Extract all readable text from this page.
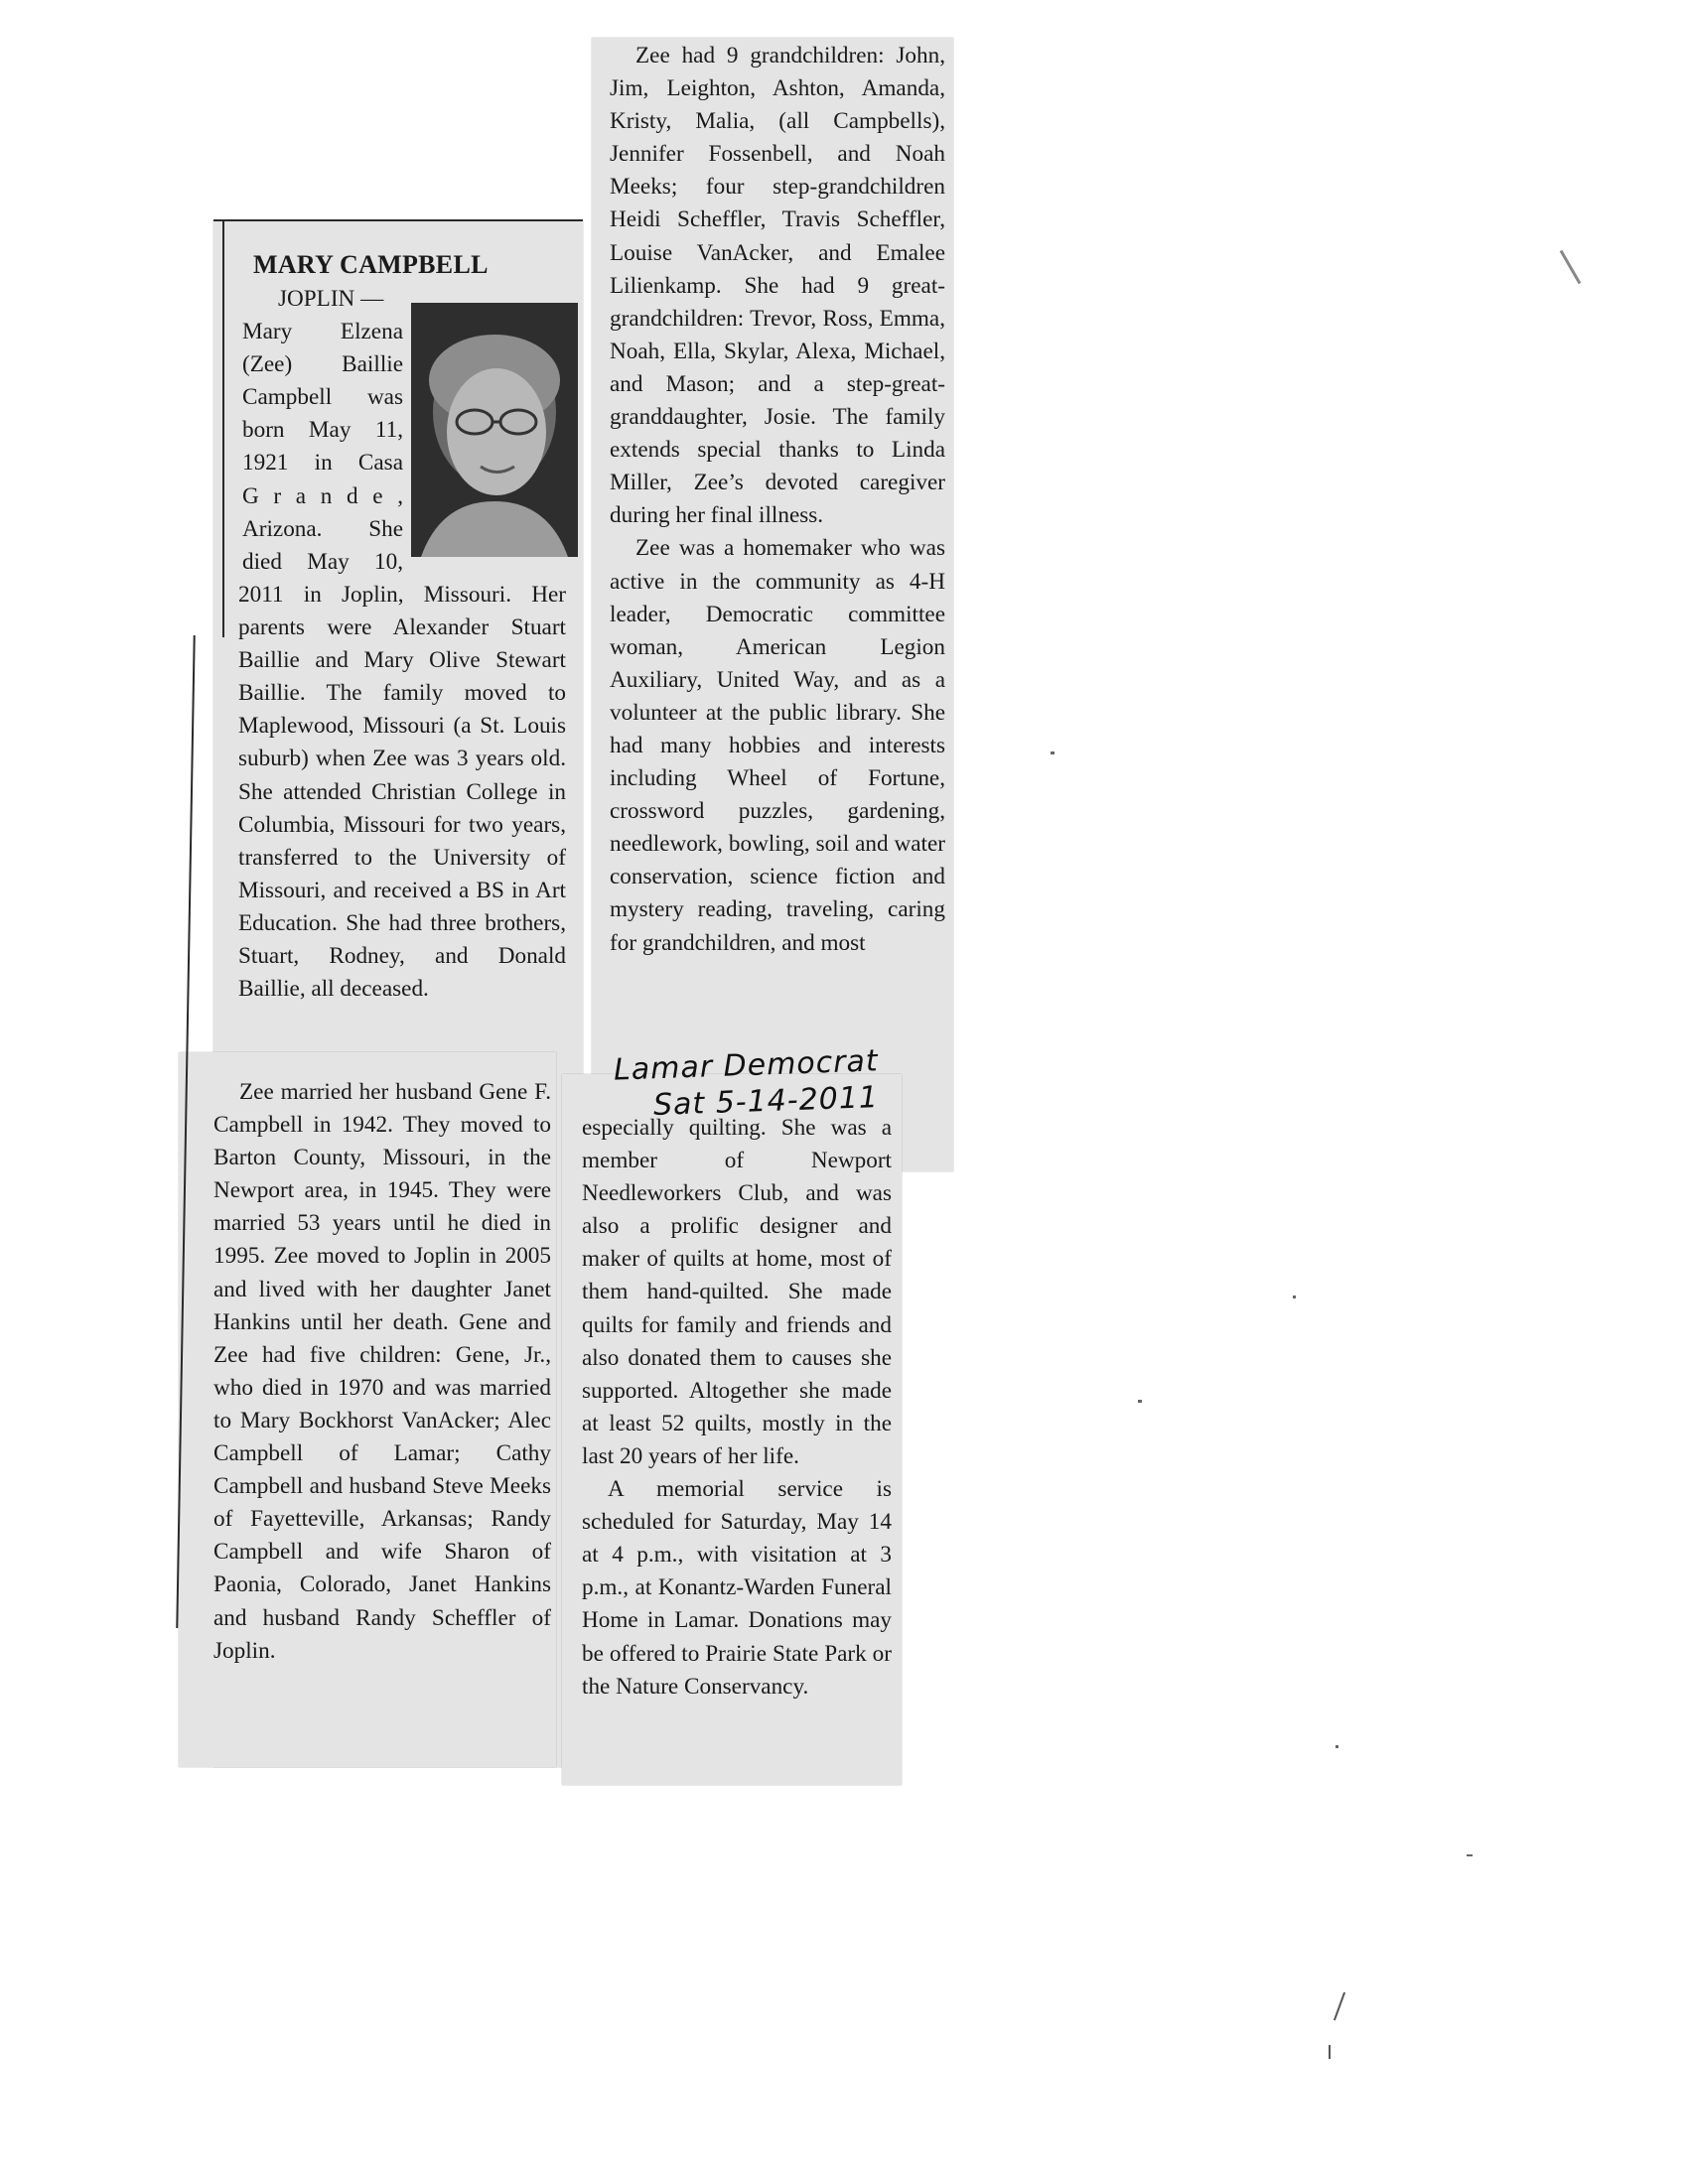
MARY CAMPBELL
JOPLIN —
Mary Elzena
(Zee) Baillie
Campbell was
born May 11,
1921 in Casa
G r a n d e ,
Arizona. She
died May 10,

2011 in Joplin, Missouri. Her parents were Alexander Stuart Baillie and Mary Olive Stewart Baillie. The family moved to Maplewood, Missouri (a St. Louis suburb) when Zee was 3 years old. She attended Christian College in Columbia, Missouri for two years, transferred to the University of Missouri, and received a BS in Art Education. She had three brothers, Stuart, Rodney, and Donald Baillie, all deceased.

Zee married her husband Gene F. Campbell in 1942. They moved to Barton County, Missouri, in the Newport area, in 1945. They were married 53 years until he died in 1995. Zee moved to Joplin in 2005 and lived with her daughter Janet Hankins until her death. Gene and Zee had five children: Gene, Jr., who died in 1970 and was married to Mary Bockhorst VanAcker; Alec Campbell of Lamar; Cathy Campbell and husband Steve Meeks of Fayetteville, Arkansas; Randy Campbell and wife Sharon of Paonia, Colorado, Janet Hankins and husband Randy Scheffler of Joplin.

Zee had 9 grandchildren: John, Jim, Leighton, Ashton, Amanda, Kristy, Malia, (all Campbells), Jennifer Fossenbell, and Noah Meeks; four step-grandchildren Heidi Scheffler, Travis Scheffler, Louise VanAcker, and Emalee Lilienkamp. She had 9 great-grandchildren: Trevor, Ross, Emma, Noah, Ella, Skylar, Alexa, Michael, and Mason; and a step-great-granddaughter, Josie. The family extends special thanks to Linda Miller, Zee’s devoted caregiver during her final illness.

Zee was a homemaker who was active in the community as 4-H leader, Democratic committee woman, American Legion Auxiliary, United Way, and as a volunteer at the public library. She had many hobbies and interests including Wheel of Fortune, crossword puzzles, gardening, needlework, bowling, soil and water conservation, science fiction and mystery reading, traveling, caring for grandchildren, and most

Lamar Democrat
Sat 5-14-2011

especially quilting. She was a member of Newport Needleworkers Club, and was also a prolific designer and maker of quilts at home, most of them hand-quilted. She made quilts for family and friends and also donated them to causes she supported. Altogether she made at least 52 quilts, mostly in the last 20 years of her life.

A memorial service is scheduled for Saturday, May 14 at 4 p.m., with visitation at 3 p.m., at Konantz-Warden Funeral Home in Lamar. Donations may be offered to Prairie State Park or the Nature Conservancy.
